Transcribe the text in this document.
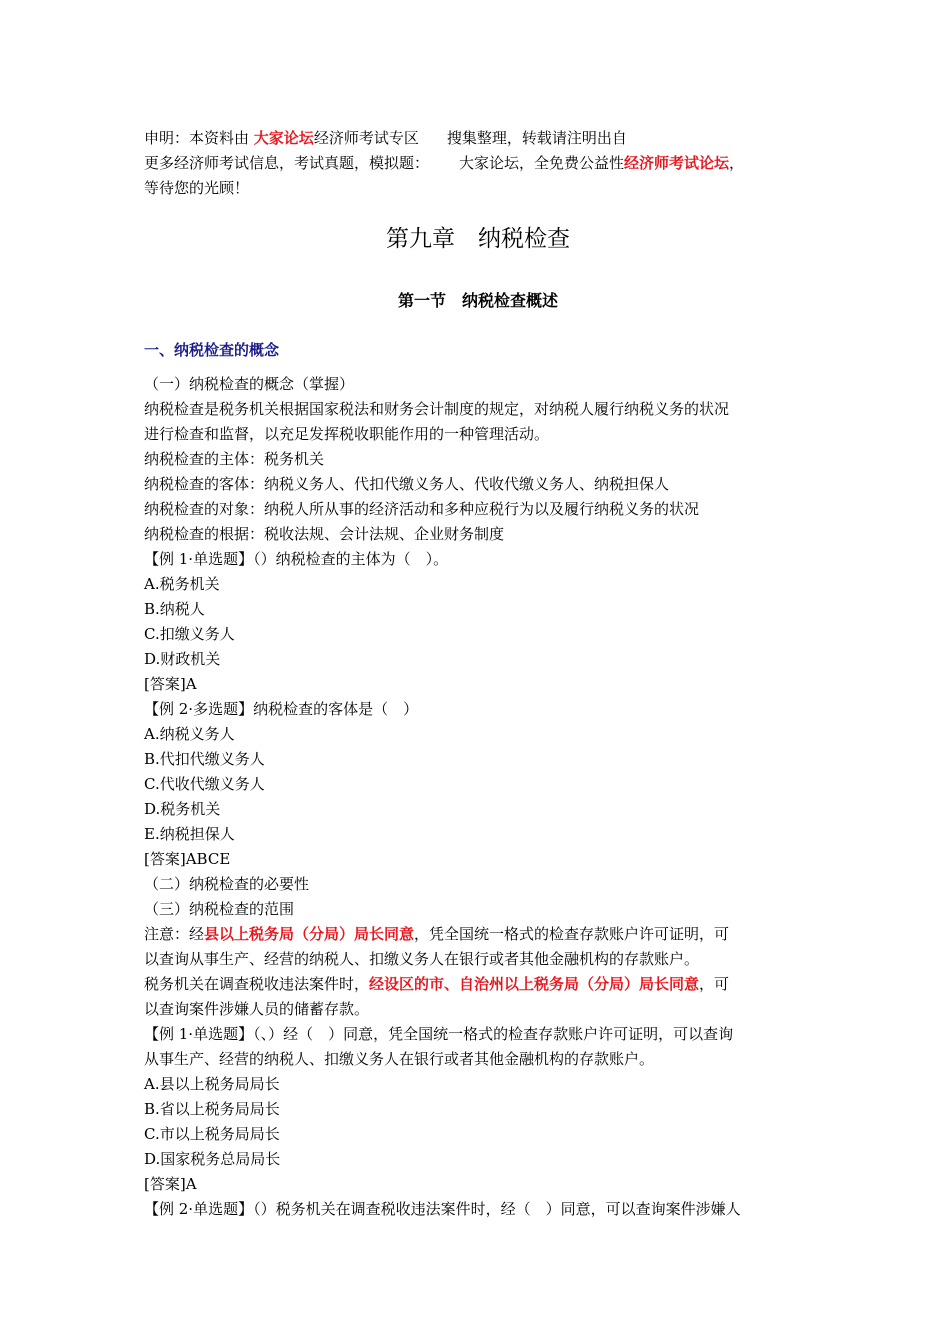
申明：本资料由 大家论坛经济师考试专区 搜集整理，转载请注明出自
更多经济师考试信息，考试真题，模拟题： 大家论坛，全免费公益性经济师考试论坛，
等待您的光顾！
第九章　纳税检查
第一节　纳税检查概述
一、纳税检查的概念
（一）纳税检查的概念（掌握）
纳税检查是税务机关根据国家税法和财务会计制度的规定，对纳税人履行纳税义务的状况
进行检查和监督，以充足发挥税收职能作用的一种管理活动。
纳税检查的主体：税务机关
纳税检查的客体：纳税义务人、代扣代缴义务人、代收代缴义务人、纳税担保人
纳税检查的对象：纳税人所从事的经济活动和多种应税行为以及履行纳税义务的状况
纳税检查的根据：税收法规、会计法规、企业财务制度
【例 1·单选题】（）纳税检查的主体为（　）。
A.税务机关
B.纳税人
C.扣缴义务人
D.财政机关
[答案]A
【例 2·多选题】纳税检查的客体是（　）
A.纳税义务人
B.代扣代缴义务人
C.代收代缴义务人
D.税务机关
E.纳税担保人
[答案]ABCE
（二）纳税检查的必要性
（三）纳税检查的范围
注意：经县以上税务局（分局）局长同意，凭全国统一格式的检查存款账户许可证明，可
以查询从事生产、经营的纳税人、扣缴义务人在银行或者其他金融机构的存款账户。
税务机关在调查税收违法案件时，经设区的市、自治州以上税务局（分局）局长同意，可
以查询案件涉嫌人员的储蓄存款。
【例 1·单选题】（、）经（　）同意，凭全国统一格式的检查存款账户许可证明，可以查询
从事生产、经营的纳税人、扣缴义务人在银行或者其他金融机构的存款账户。
A.县以上税务局局长
B.省以上税务局局长
C.市以上税务局局长
D.国家税务总局局长
[答案]A
【例 2·单选题】（）税务机关在调查税收违法案件时，经（　）同意，可以查询案件涉嫌人
